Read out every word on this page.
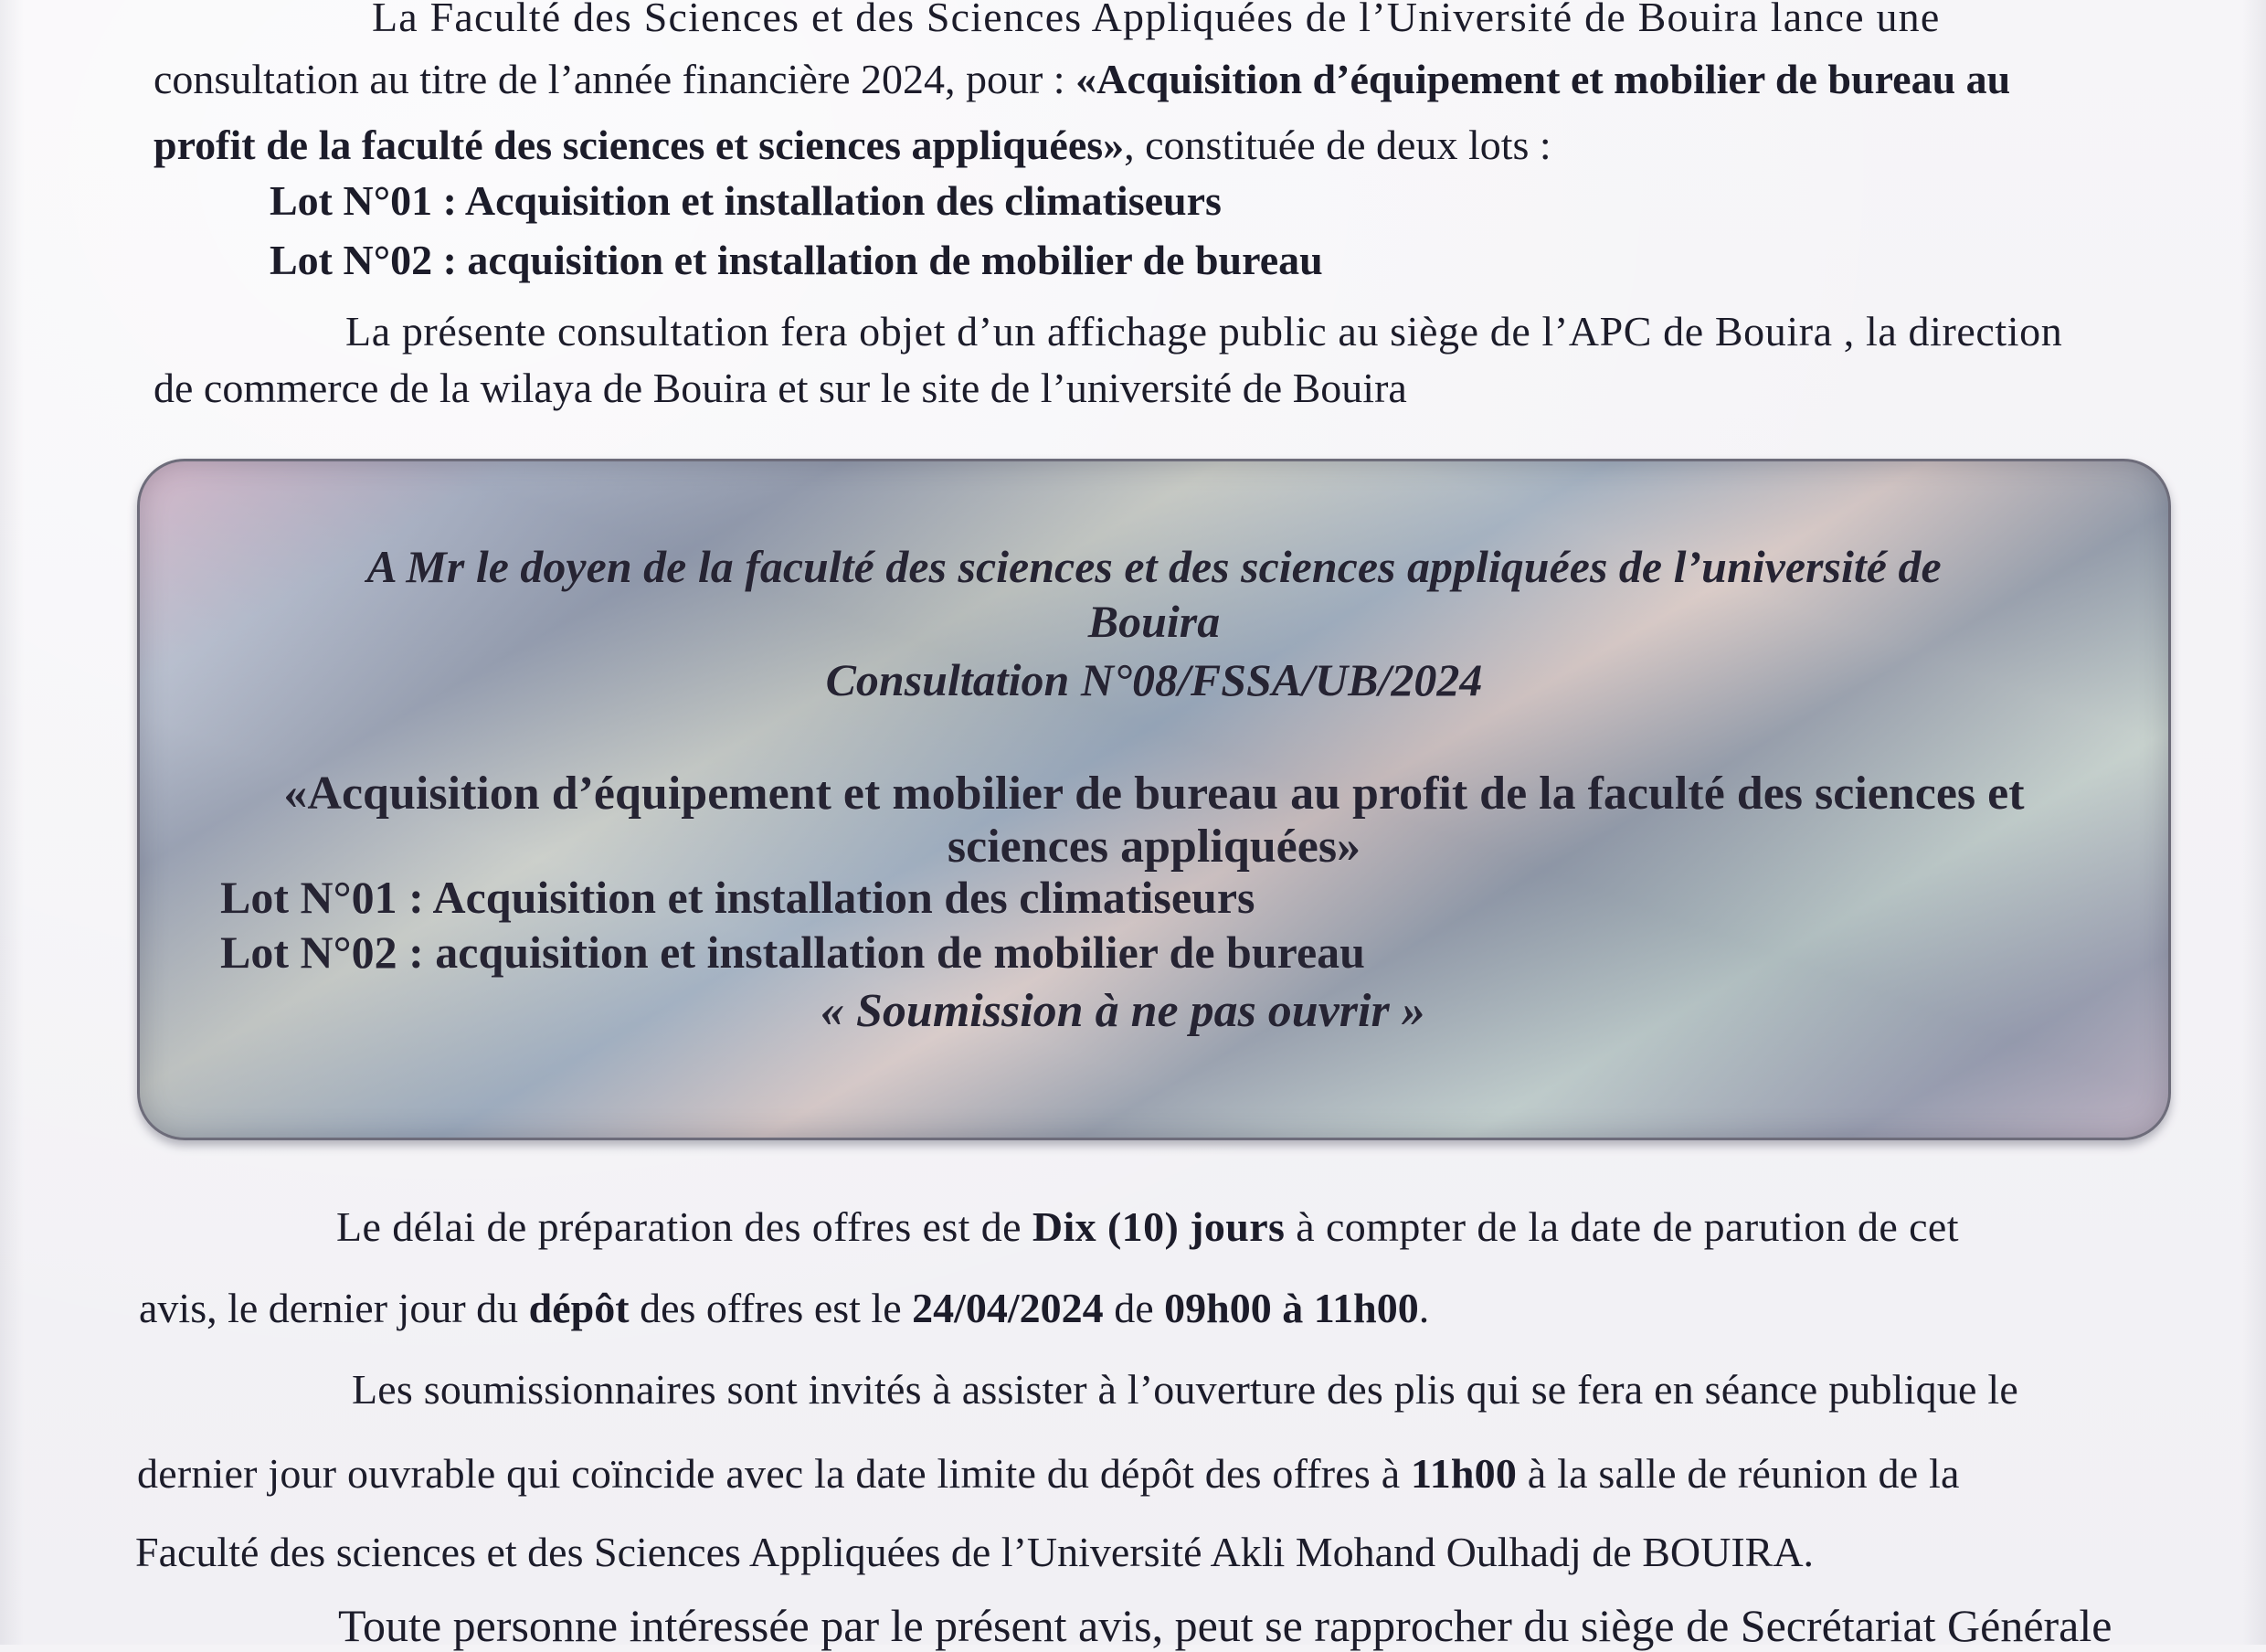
La Faculté des Sciences et des Sciences Appliquées de l’Université de Bouira lance une
consultation au titre de l’année financière 2024, pour : «Acquisition d’équipement et mobilier de bureau au
profit de la faculté des sciences et sciences appliquées», constituée de deux lots :
Lot N°01 : Acquisition et installation des climatiseurs
Lot N°02 : acquisition et installation de mobilier de bureau
La présente consultation fera objet d’un affichage public au siège de l’APC de Bouira , la direction
de commerce de la wilaya de Bouira et sur le site de l’université de Bouira
A Mr le doyen de la faculté des sciences et des sciences appliquées de l’université de
Bouira
Consultation N°08/FSSA/UB/2024
«Acquisition d’équipement et mobilier de bureau au profit de la faculté des sciences et
sciences appliquées»
Lot N°01 : Acquisition et installation des climatiseurs
Lot N°02 : acquisition et installation de mobilier de bureau
« Soumission à ne pas ouvrir »
Le délai de préparation des offres est de Dix (10) jours à compter de la date de parution de cet
avis, le dernier jour du dépôt des offres est le 24/04/2024 de 09h00 à 11h00.
Les soumissionnaires sont invités à assister à l’ouverture des plis qui se fera en séance publique le
dernier jour ouvrable qui coïncide avec la date limite du dépôt des offres à 11h00 à la salle de réunion de la
Faculté des sciences et des Sciences Appliquées de l’Université Akli Mohand Oulhadj de BOUIRA.
Toute personne intéressée par le présent avis, peut se rapprocher du siège de Secrétariat Générale
